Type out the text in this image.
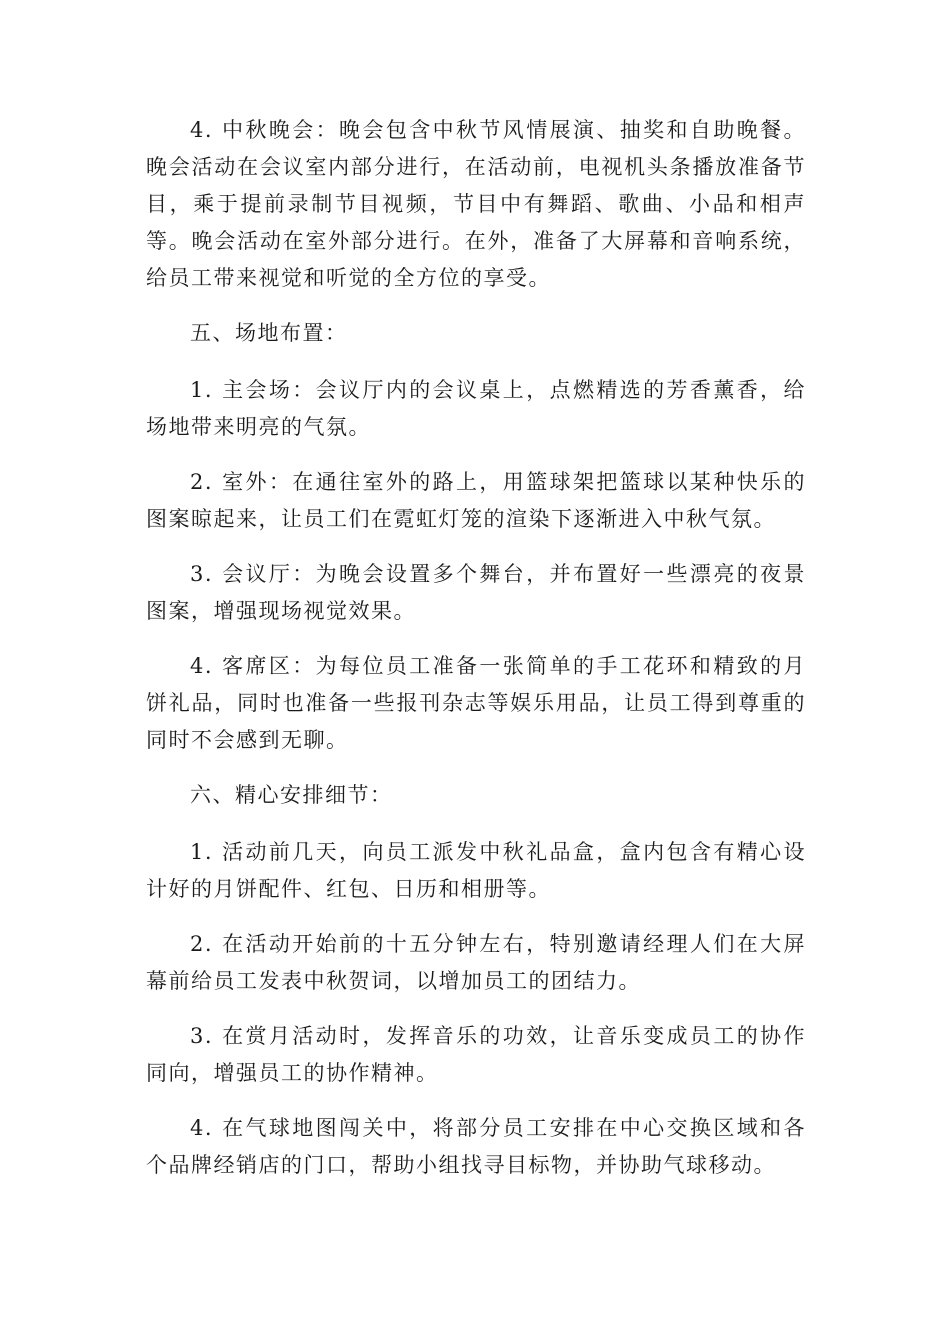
4. 中秋晚会：晚会包含中秋节风情展演、抽奖和自助晚餐。晚会活动在会议室内部分进行，在活动前，电视机头条播放准备节目，乘于提前录制节目视频，节目中有舞蹈、歌曲、小品和相声等。晚会活动在室外部分进行。在外，准备了大屏幕和音响系统，给员工带来视觉和听觉的全方位的享受。

五、场地布置：

1. 主会场：会议厅内的会议桌上，点燃精选的芳香薰香，给场地带来明亮的气氛。

2. 室外：在通往室外的路上，用篮球架把篮球以某种快乐的图案晾起来，让员工们在霓虹灯笼的渲染下逐渐进入中秋气氛。

3. 会议厅：为晚会设置多个舞台，并布置好一些漂亮的夜景图案，增强现场视觉效果。

4. 客席区：为每位员工准备一张简单的手工花环和精致的月饼礼品，同时也准备一些报刊杂志等娱乐用品，让员工得到尊重的同时不会感到无聊。

六、精心安排细节：

1. 活动前几天，向员工派发中秋礼品盒，盒内包含有精心设计好的月饼配件、红包、日历和相册等。

2. 在活动开始前的十五分钟左右，特别邀请经理人们在大屏幕前给员工发表中秋贺词，以增加员工的团结力。

3. 在赏月活动时，发挥音乐的功效，让音乐变成员工的协作同向，增强员工的协作精神。

4. 在气球地图闯关中，将部分员工安排在中心交换区域和各个品牌经销店的门口，帮助小组找寻目标物，并协助气球移动。
